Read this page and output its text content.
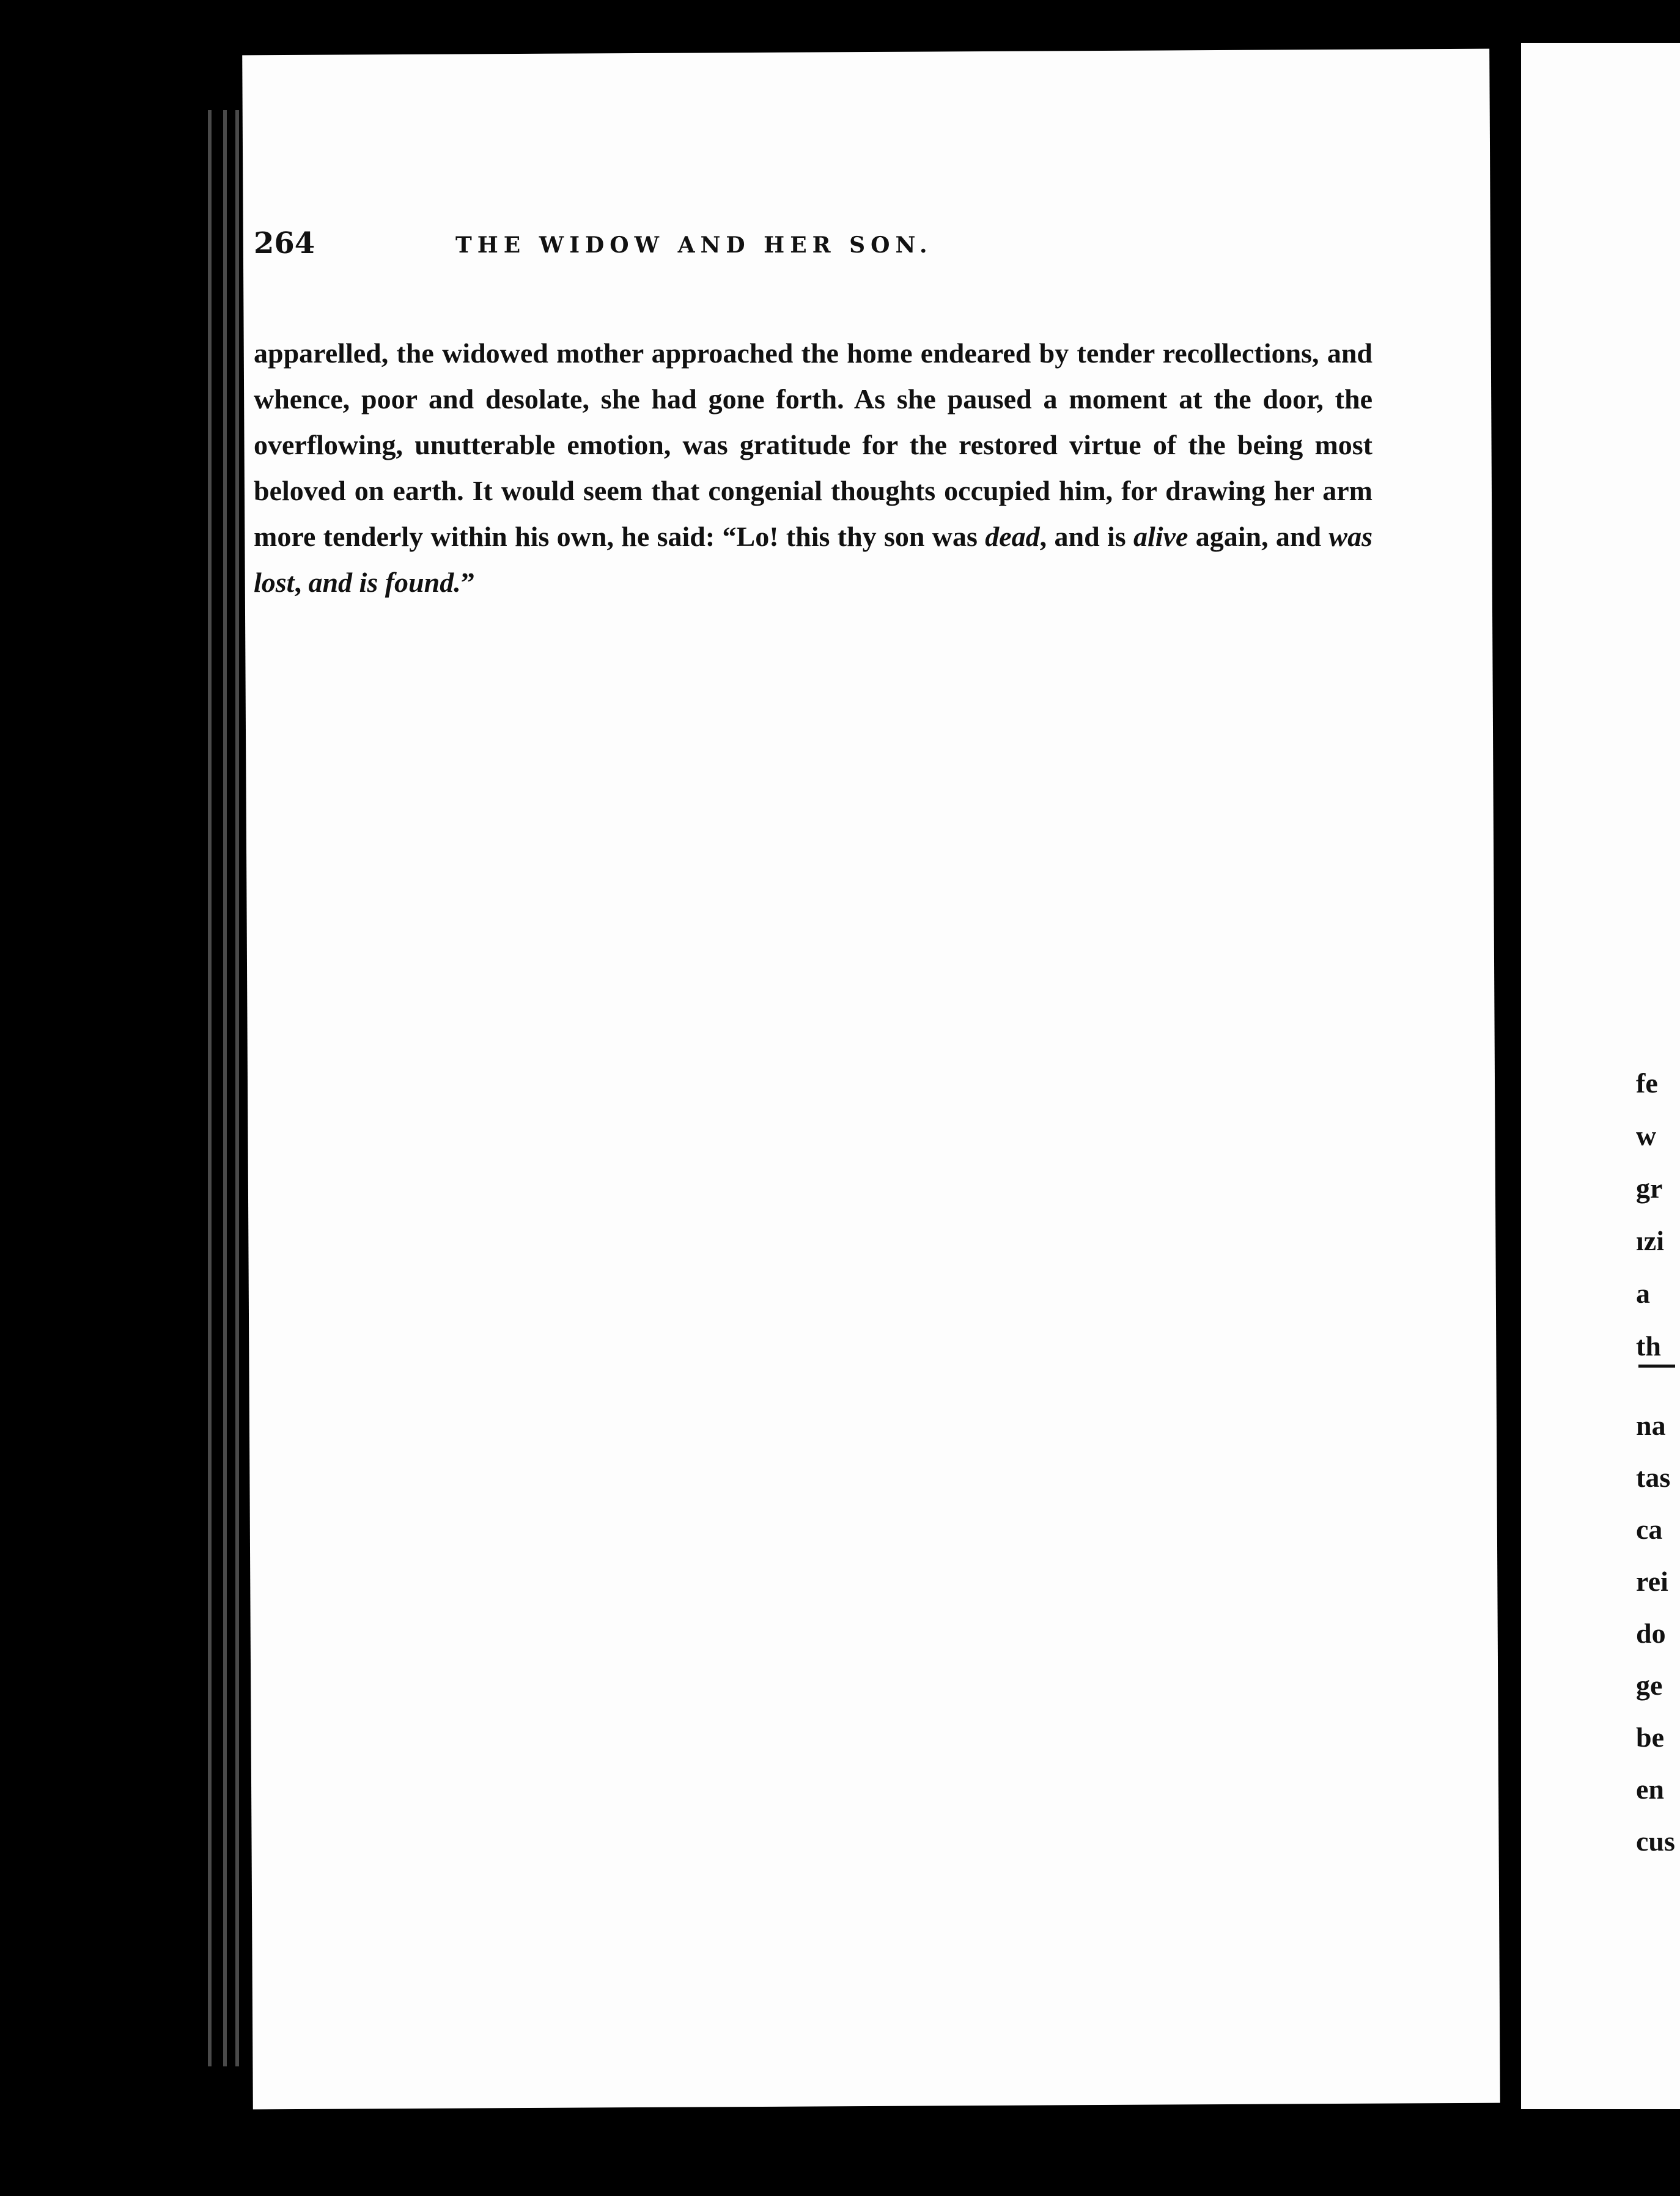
264	THE WIDOW AND HER SON.

apparelled, the widowed mother approached the home endeared by tender recollections, and whence, poor and desolate, she had gone forth. As she paused a moment at the door, the overflowing, unutterable emotion, was gratitude for the restored virtue of the being most beloved on earth. It would seem that congenial thoughts occupied him, for drawing her arm more tenderly within his own, he said: “Lo! this thy son was dead, and is alive again, and was lost, and is found.”

fe
w
gr
ızi
a
th
na
tas
ca
rei
do
ge
be
en
cus
